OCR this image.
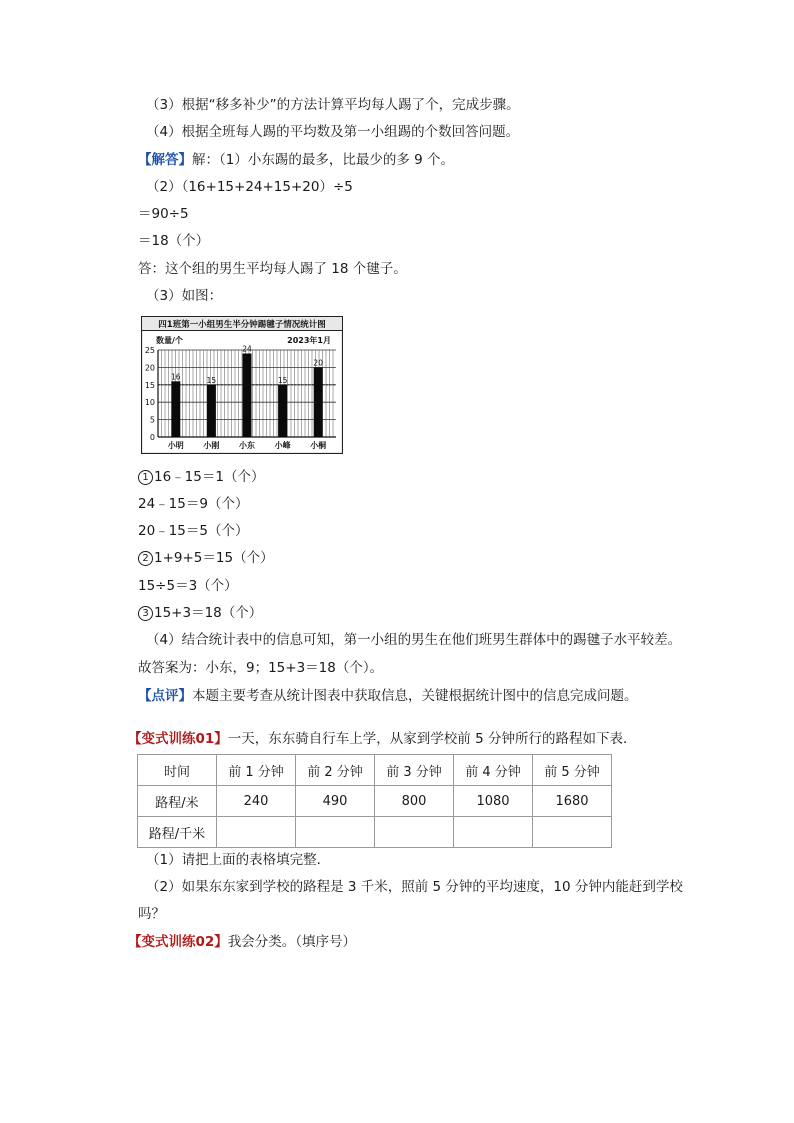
（3）根据“移多补少”的方法计算平均每人踢了个，完成步骤。
（4）根据全班每人踢的平均数及第一小组踢的个数回答问题。
【解答】解：（1）小东踢的最多，比最少的多 9 个。
（2）（16+15+24+15+20）÷5
＝90÷5
＝18（个）
答：这个组的男生平均每人踢了 18 个毽子。
（3）如图：
四1班第一小组男生半分钟踢毽子情况统计图
数量/个	2023年1月
0
5
10
15
20
25
16	15
24
15
20
小明 小刚 小东 小峰 小桐
1 16﹣15＝1（个）
24﹣15＝9（个）
20﹣15＝5（个）
2 1+9+5＝15（个）
15÷5＝3（个）
3 15+3＝18（个）
（4）结合统计表中的信息可知，第一小组的男生在他们班男生群体中的踢毽子水平较差。
故答案为：小东，9；15+3＝18（个）。
【点评】本题主要考查从统计图表中获取信息，关键根据统计图中的信息完成问题。
【变式训练01】一天，东东骑自行车上学，从家到学校前 5 分钟所行的路程如下表．
时间	前 1 分钟	前 2 分钟	前 3 分钟	前 4 分钟	前 5 分钟
路程/米	240	490	800	1080	1680
路程/千米					
（1）请把上面的表格填完整．
（2）如果东东家到学校的路程是 3 千米，照前 5 分钟的平均速度，10 分钟内能赶到学校
吗？
【变式训练02】我会分类。（填序号）
